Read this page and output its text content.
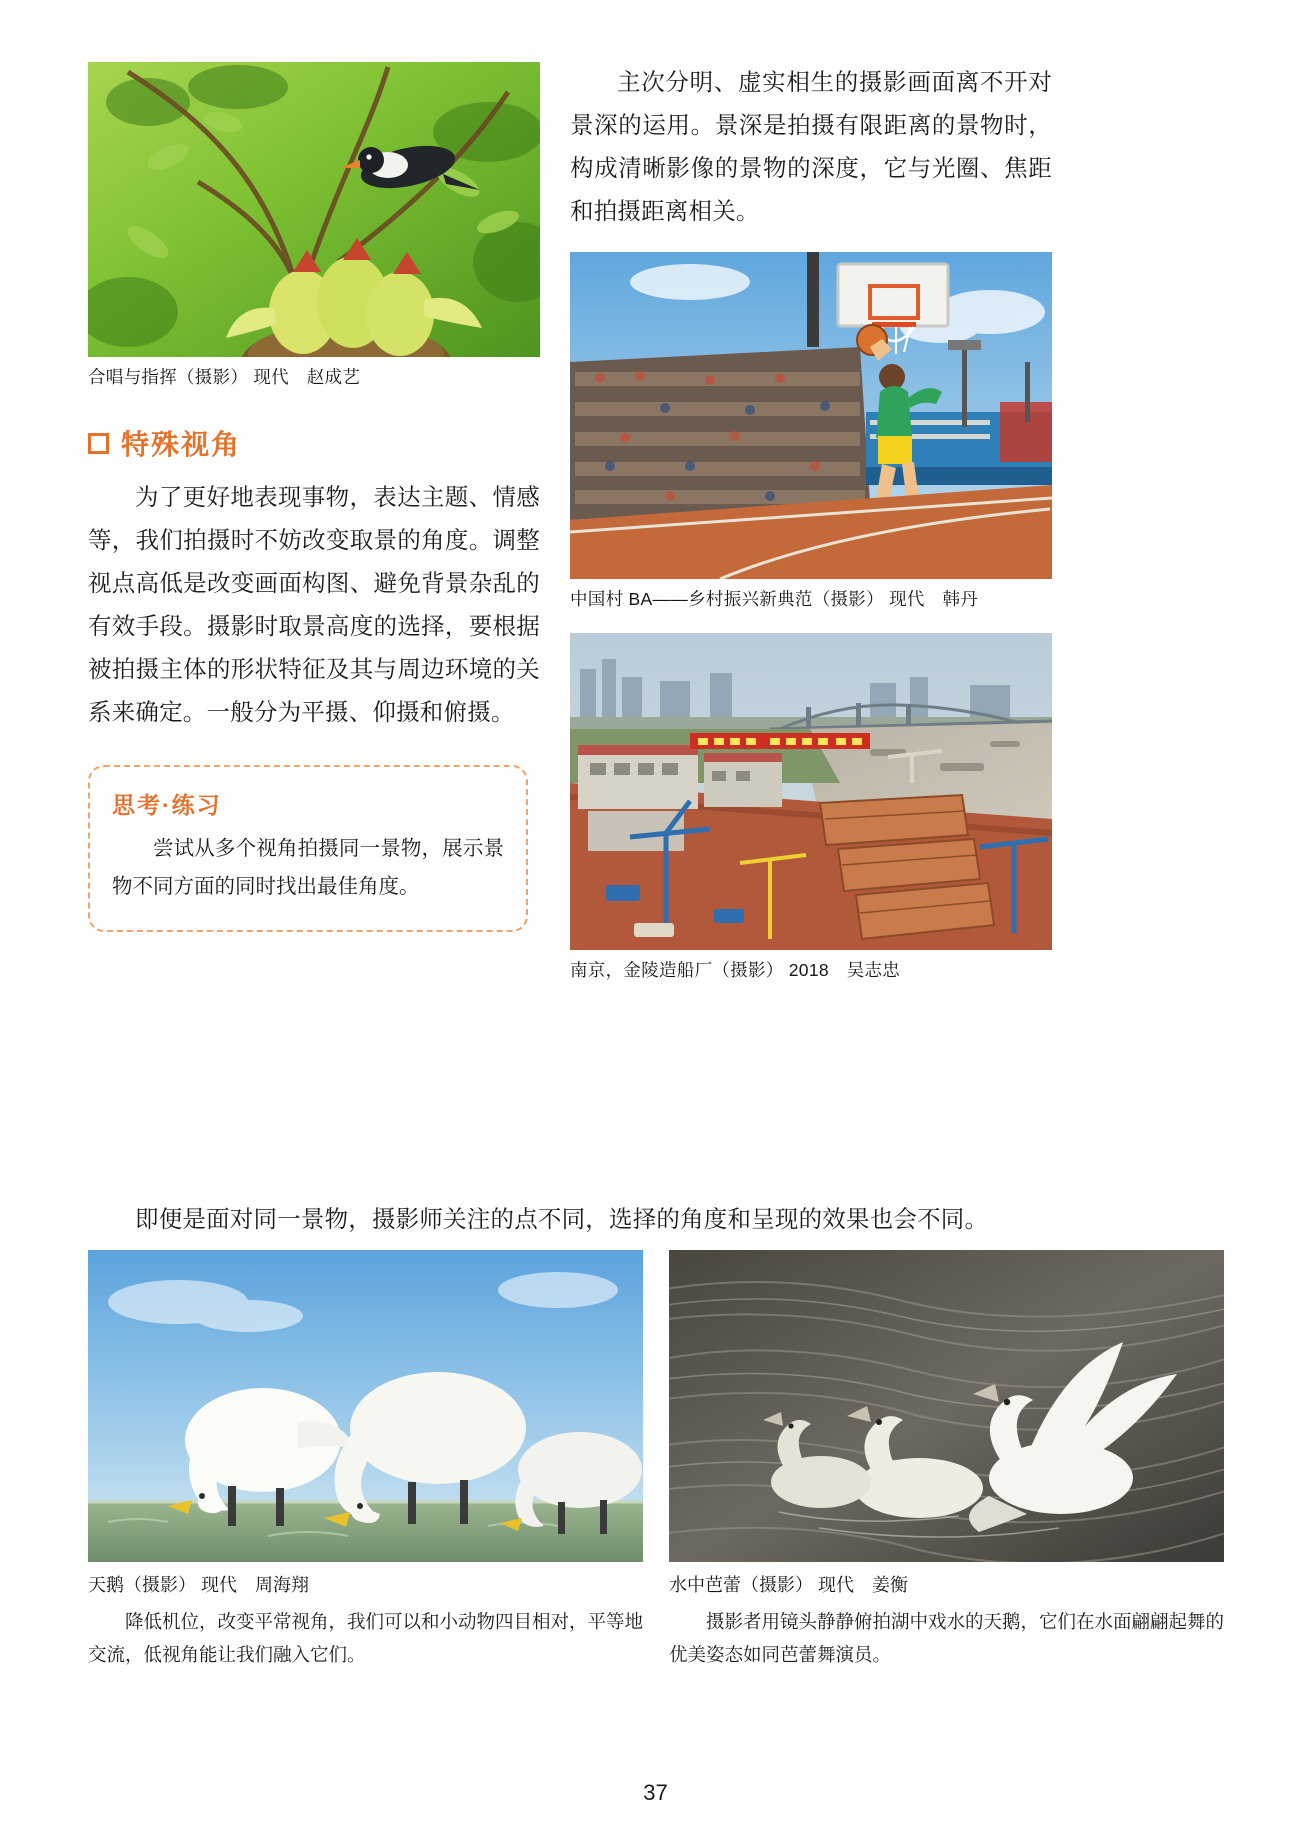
合唱与指挥（摄影） 现代　赵成艺
特殊视角
为了更好地表现事物，表达主题、情感等，我们拍摄时不妨改变取景的角度。调整视点高低是改变画面构图、避免背景杂乱的有效手段。摄影时取景高度的选择，要根据被拍摄主体的形状特征及其与周边环境的关系来确定。一般分为平摄、仰摄和俯摄。
思考·练习
尝试从多个视角拍摄同一景物，展示景物不同方面的同时找出最佳角度。
主次分明、虚实相生的摄影画面离不开对景深的运用。景深是拍摄有限距离的景物时，构成清晰影像的景物的深度，它与光圈、焦距和拍摄距离相关。
中国村 BA——乡村振兴新典范（摄影） 现代　韩丹
南京，金陵造船厂（摄影） 2018　吴志忠
即便是面对同一景物，摄影师关注的点不同，选择的角度和呈现的效果也会不同。
天鹅（摄影） 现代　周海翔
降低机位，改变平常视角，我们可以和小动物四目相对，平等地交流，低视角能让我们融入它们。
水中芭蕾（摄影） 现代　姜衡
摄影者用镜头静静俯拍湖中戏水的天鹅，它们在水面翩翩起舞的优美姿态如同芭蕾舞演员。
37
